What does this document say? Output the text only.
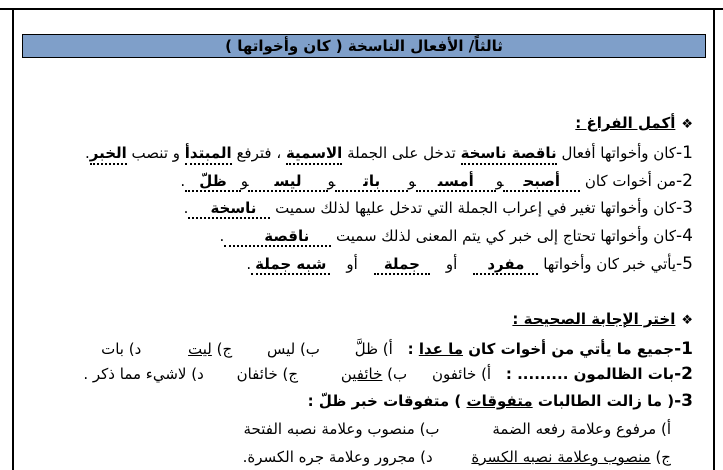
ثالثاً/ الأفعال الناسخة ( كان وأخواتها )
❖أكمل الفراغ :
1-كان وأخواتها أفعال ناقصة ناسخة تدخل على الجملة الاسمية ، فترفع المبتدأ و تنصب الخبر.
2-من أخوات كان أصبحوأمسىوباتوليسوظلّ.
3-كان وأخواتها تغير في إعراب الجملة التي تدخل عليها لذلك سميت ناسخة.
4-كان وأخواتها تحتاج إلى خبر كي يتم المعنى لذلك سميت ناقصة.
5-يأتي خبر كان وأخواتها مفردأوجملةأوشبه جملة.
❖اختر الإجابة الصحيحة :
1-جميع ما يأتي من أخوات كان ما عدا : أ) ظلَّ ب) ليس ج) ليت د) بات
2-بات الظالمون ......... : أ) خائفون ب) خائفين ج) خائفان د) لاشيء مما ذكر .
3-( ما زالت الطالبات متفوقات ) متفوقات خبر ظلّ :
أ) مرفوع وعلامة رفعه الضمة ب) منصوب وعلامة نصبه الفتحة
ج) منصوب وعلامة نصبه الكسرة د) مجرور وعلامة جره الكسرة.
